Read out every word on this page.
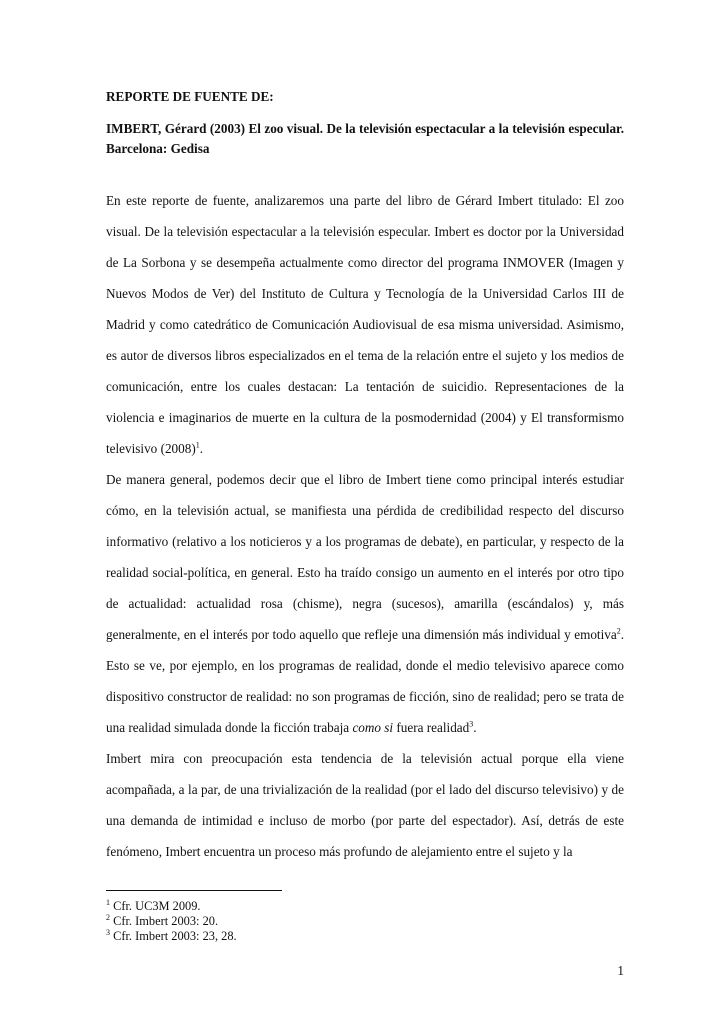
REPORTE DE FUENTE DE:

IMBERT, Gérard (2003) El zoo visual. De la televisión espectacular a la televisión especular. Barcelona: Gedisa

En este reporte de fuente, analizaremos una parte del libro de Gérard Imbert titulado: El zoo visual. De la televisión espectacular a la televisión especular. Imbert es doctor por la Universidad de La Sorbona y se desempeña actualmente como director del programa INMOVER (Imagen y Nuevos Modos de Ver) del Instituto de Cultura y Tecnología de la Universidad Carlos III de Madrid y como catedrático de Comunicación Audiovisual de esa misma universidad. Asimismo, es autor de diversos libros especializados en el tema de la relación entre el sujeto y los medios de comunicación, entre los cuales destacan: La tentación de suicidio. Representaciones de la violencia e imaginarios de muerte en la cultura de la posmodernidad (2004) y El transformismo televisivo $(2008)^1$.

De manera general, podemos decir que el libro de Imbert tiene como principal interés estudiar cómo, en la televisión actual, se manifiesta una pérdida de credibilidad respecto del discurso informativo (relativo a los noticieros y a los programas de debate), en particular, y respecto de la realidad social-política, en general. Esto ha traído consigo un aumento en el interés por otro tipo de actualidad: actualidad rosa (chisme), negra (sucesos), amarilla (escándalos) y, más generalmente, en el interés por todo aquello que refleje una dimensión más individual y emotiva$^2$. Esto se ve, por ejemplo, en los programas de realidad, donde el medio televisivo aparece como dispositivo constructor de realidad: no son programas de ficción, sino de realidad; pero se trata de una realidad simulada donde la ficción trabaja como si fuera realidad$^3$.

Imbert mira con preocupación esta tendencia de la televisión actual porque ella viene acompañada, a la par, de una trivialización de la realidad (por el lado del discurso televisivo) y de una demanda de intimidad e incluso de morbo (por parte del espectador). Así, detrás de este fenómeno, Imbert encuentra un proceso más profundo de alejamiento entre el sujeto y la

$^1$ Cfr. UC3M 2009.

$^2$ Cfr. Imbert 2003: 20.

$^3$ Cfr. Imbert 2003: 23, 28.

1
